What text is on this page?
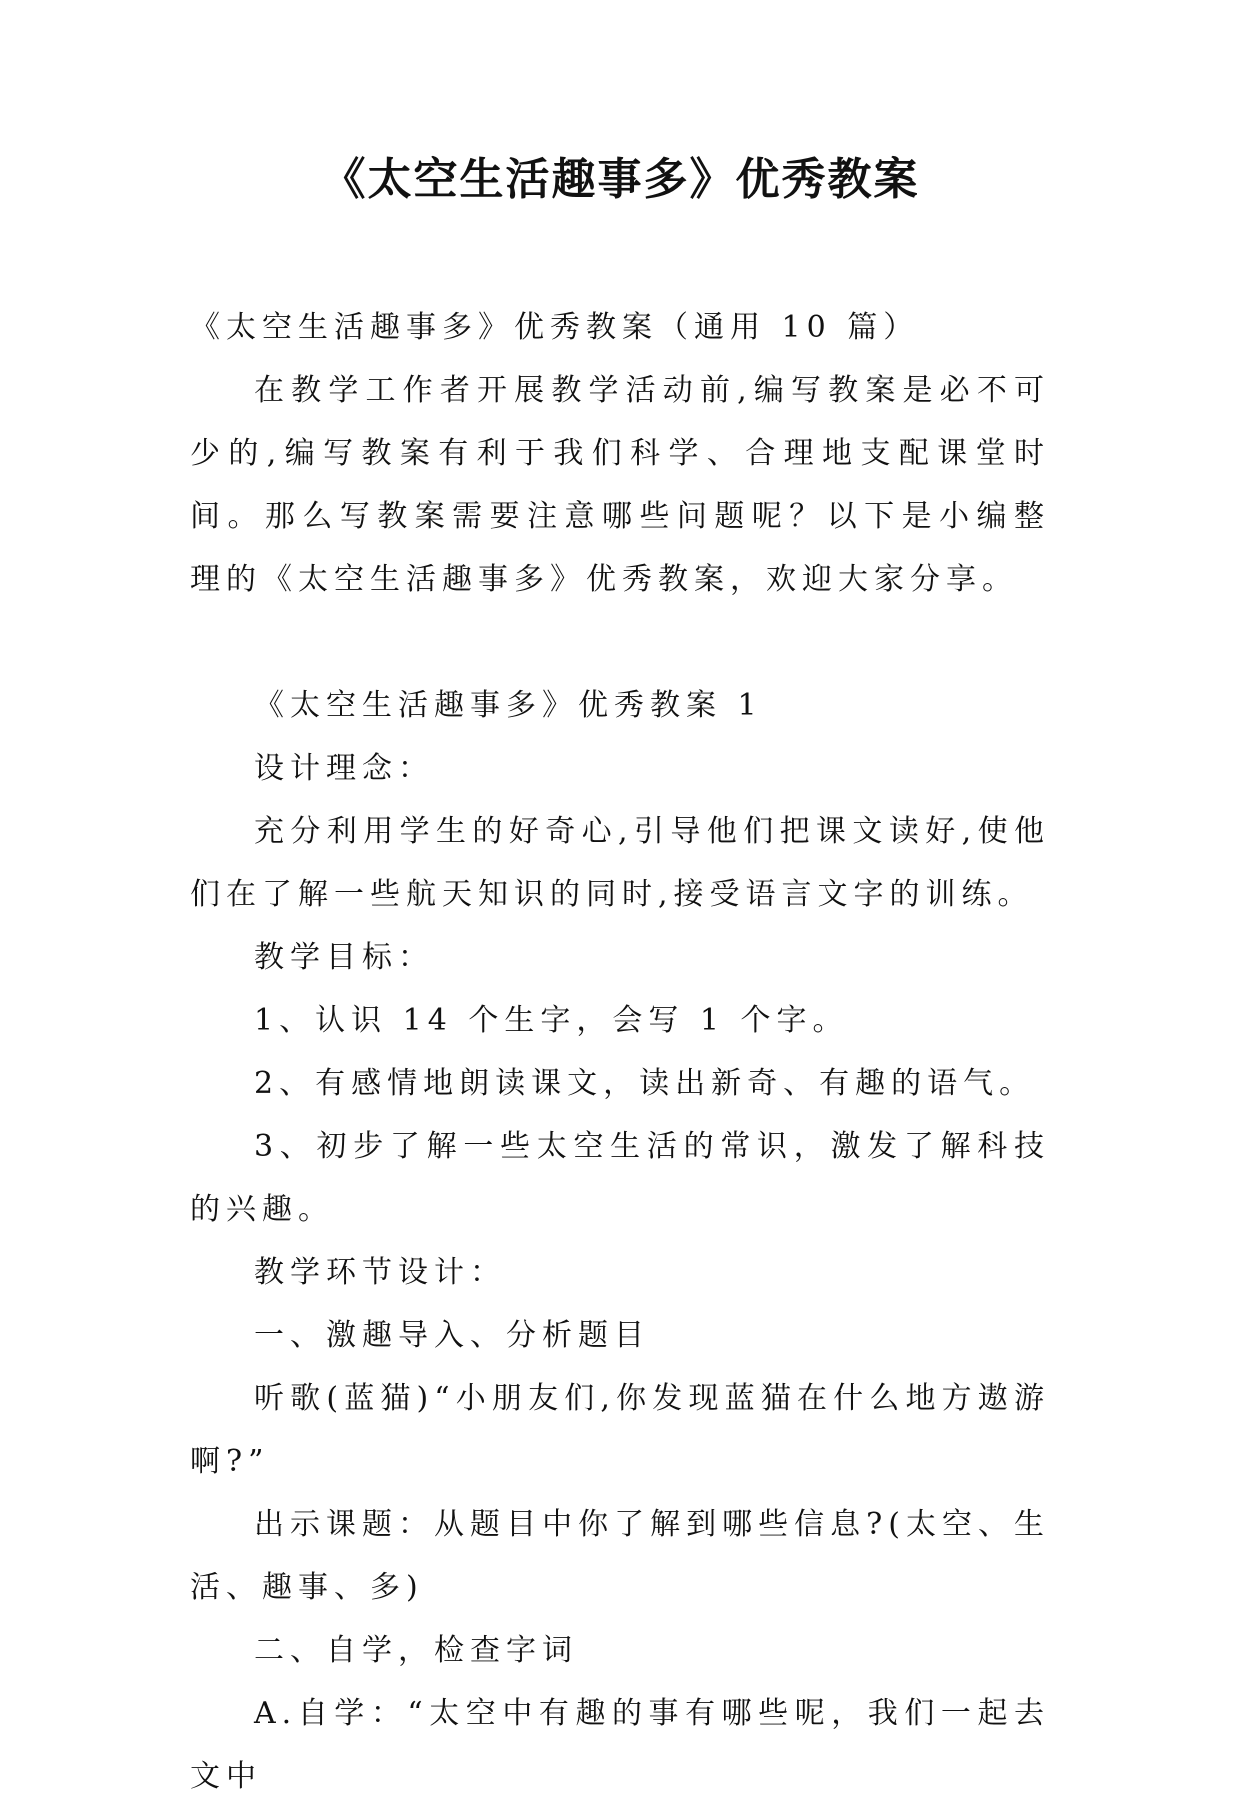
《太空生活趣事多》优秀教案

《太空生活趣事多》优秀教案（通用 10 篇）

在教学工作者开展教学活动前,编写教案是必不可少的,编写教案有利于我们科学、合理地支配课堂时间。那么写教案需要注意哪些问题呢？以下是小编整理的《太空生活趣事多》优秀教案，欢迎大家分享。

《太空生活趣事多》优秀教案 1

设计理念：

充分利用学生的好奇心,引导他们把课文读好,使他们在了解一些航天知识的同时,接受语言文字的训练。

教学目标：

1、认识 14 个生字，会写 1 个字。

2、有感情地朗读课文，读出新奇、有趣的语气。

3、初步了解一些太空生活的常识，激发了解科技的兴趣。

教学环节设计：

一、激趣导入、分析题目

听歌(蓝猫)“小朋友们,你发现蓝猫在什么地方遨游啊?”

出示课题：从题目中你了解到哪些信息?(太空、生活、趣事、多)

二、自学，检查字词

A.自学：“太空中有趣的事有哪些呢，我们一起去文中
